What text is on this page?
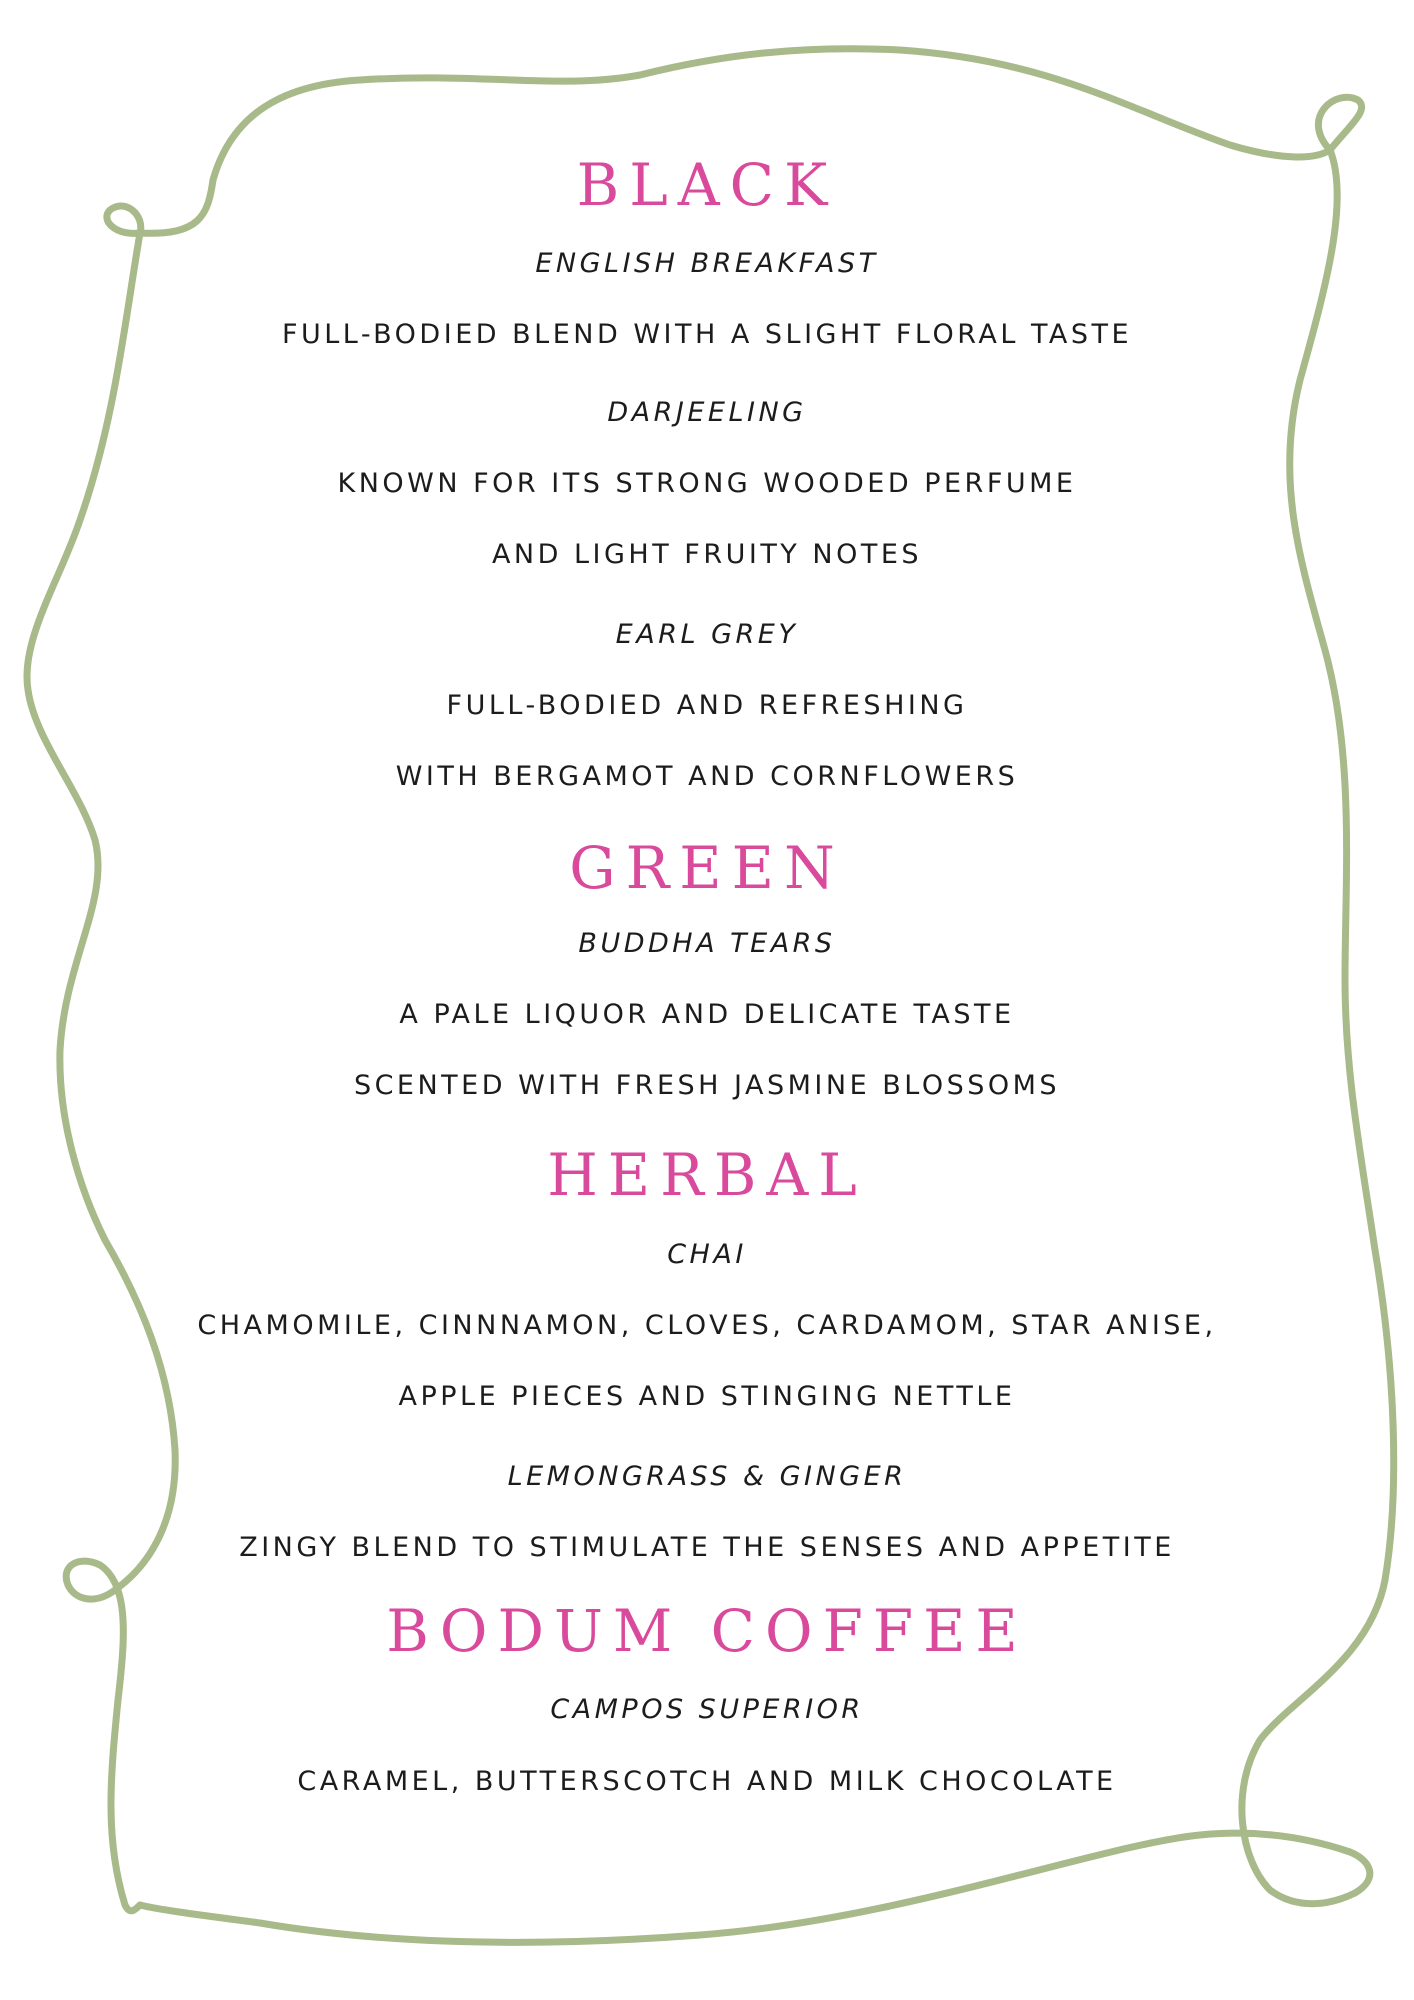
BLACK
ENGLISH BREAKFAST
FULL-BODIED BLEND WITH A SLIGHT FLORAL TASTE
DARJEELING
KNOWN FOR ITS STRONG WOODED PERFUME
AND LIGHT FRUITY NOTES
EARL GREY
FULL-BODIED AND REFRESHING
WITH BERGAMOT AND CORNFLOWERS
GREEN
BUDDHA TEARS
A PALE LIQUOR AND DELICATE TASTE
SCENTED WITH FRESH JASMINE BLOSSOMS
HERBAL
CHAI
CHAMOMILE, CINNNAMON, CLOVES, CARDAMOM, STAR ANISE,
APPLE PIECES AND STINGING NETTLE
LEMONGRASS & GINGER
ZINGY BLEND TO STIMULATE THE SENSES AND APPETITE
BODUM COFFEE
CAMPOS SUPERIOR
CARAMEL, BUTTERSCOTCH AND MILK CHOCOLATE
